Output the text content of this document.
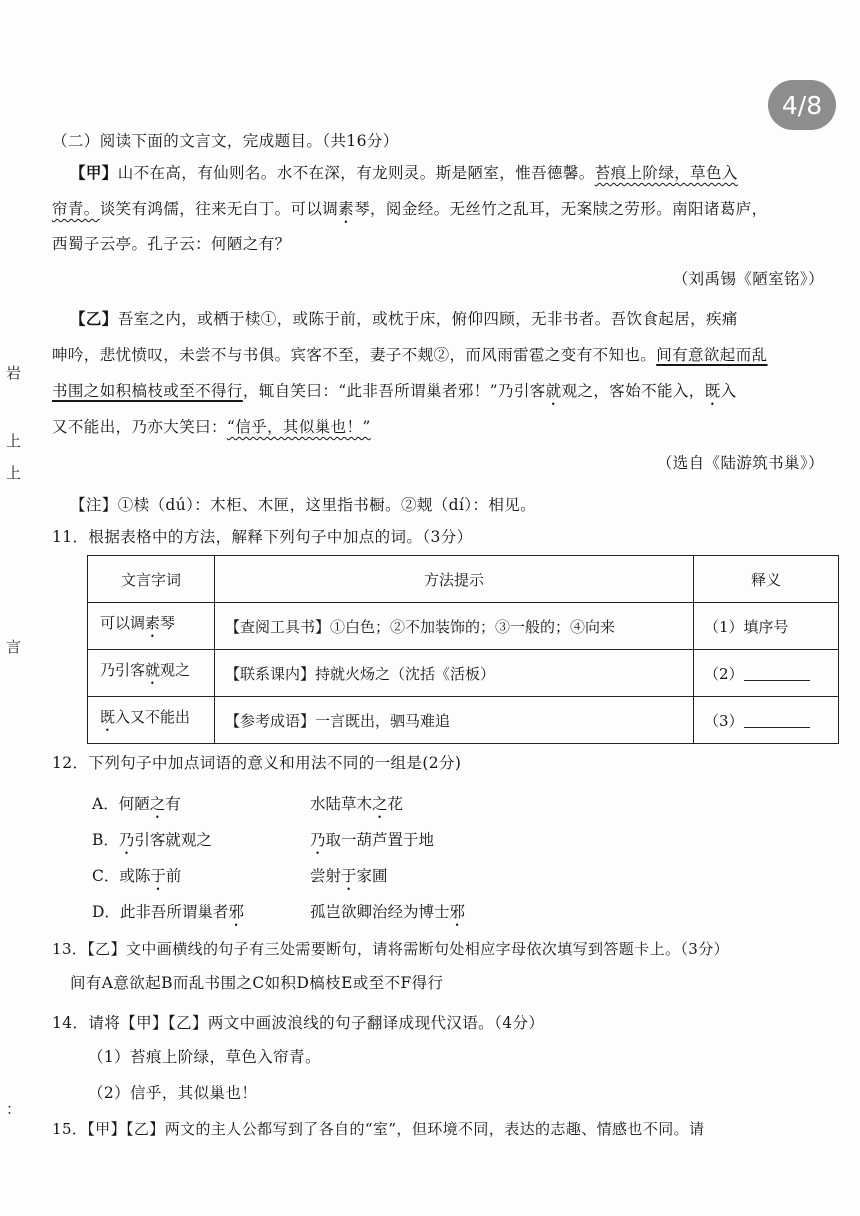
4/8
岩
上
上
言
：
（二）阅读下面的文言文，完成题目。（共16分）
【甲】山不在高，有仙则名。水不在深，有龙则灵。斯是陋室，惟吾德馨。苔痕上阶绿，草色入
帘青。谈笑有鸿儒，往来无白丁。可以调素琴，阅金经。无丝竹之乱耳，无案牍之劳形。南阳诸葛庐，
西蜀子云亭。孔子云：何陋之有？
（刘禹锡《陋室铭》）
【乙】吾室之内，或栖于椟①，或陈于前，或枕于床，俯仰四顾，无非书者。吾饮食起居，疾痛
呻吟，悲忧愤叹，未尝不与书俱。宾客不至，妻子不觌②，而风雨雷雹之变有不知也。间有意欲起而乱
书围之如积槁枝或至不得行，辄自笑曰：“此非吾所谓巢者邪！”乃引客就观之，客始不能入，既入
又不能出，乃亦大笑曰：“信乎，其似巢也！”
（选自《陆游筑书巢》）
【注】①椟（dú）：木柜、木匣，这里指书橱。②觌（dí）：相见。
11．根据表格中的方法，解释下列句子中加点的词。（3分）
文言字词	方法提示	释义
可以调素琴	【查阅工具书】①白色；②不加装饰的；③一般的；④向来	（1）填序号
乃引客就观之	【联系课内】持就火炀之（沈括《活板）	（2）
既入又不能出	【参考成语】一言既出，驷马难追	（3）
12．下列句子中加点词语的意义和用法不同的一组是(2分)
A．何陋之有	水陆草木之花
B．乃引客就观之	乃取一葫芦置于地
C．或陈于前	尝射于家圃
D．此非吾所谓巢者邪	孤岂欲卿治经为博士邪
13．【乙】文中画横线的句子有三处需要断句，请将需断句处相应字母依次填写到答题卡上。（3分）
间有A意欲起B而乱书围之C如积D槁枝E或至不F得行
14．请将【甲】【乙】两文中画波浪线的句子翻译成现代汉语。（4分）
（1）苔痕上阶绿，草色入帘青。
（2）信乎，其似巢也！
15．【甲】【乙】两文的主人公都写到了各自的“室”，但环境不同，表达的志趣、情感也不同。请
